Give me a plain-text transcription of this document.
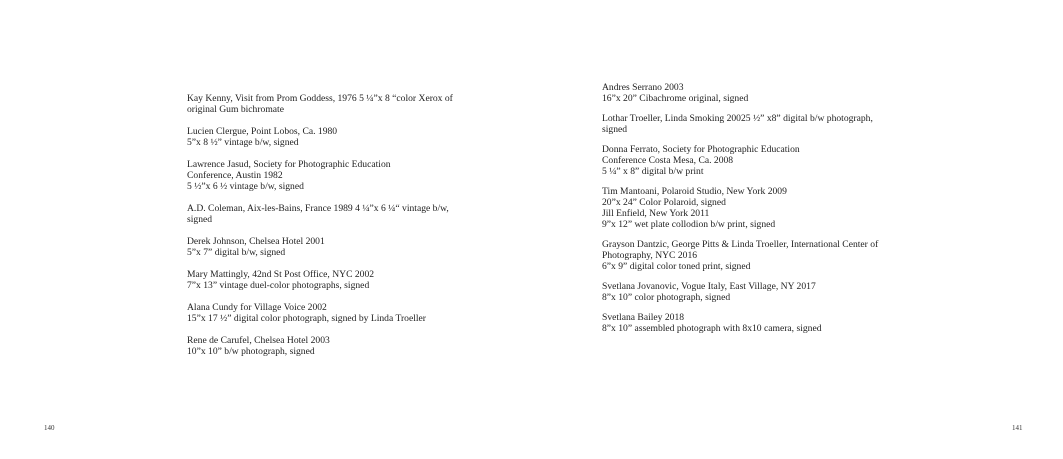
Kay Kenny, Visit from Prom Goddess, 1976 5 ¼”x 8 “color Xerox of
original Gum bichromate

Lucien Clergue, Point Lobos, Ca. 1980
5”x 8 ½” vintage b/w, signed

Lawrence Jasud, Society for Photographic Education
Conference, Austin 1982
5 ½”x 6 ½ vintage b/w, signed

A.D. Coleman, Aix-les-Bains, France 1989 4 ¼”x 6 ¼“ vintage b/w,
signed

Derek Johnson, Chelsea Hotel 2001
5”x 7” digital b/w, signed

Mary Mattingly, 42nd St Post Office, NYC 2002
7”x 13” vintage duel-color photographs, signed

Alana Cundy for Village Voice 2002
15”x 17 ½” digital color photograph, signed by Linda Troeller

Rene de Carufel, Chelsea Hotel 2003
10”x 10” b/w photograph, signed

140

Andres Serrano 2003
16”x 20” Cibachrome original, signed

Lothar Troeller, Linda Smoking 20025 ½” x8” digital b/w photograph,
signed

Donna Ferrato, Society for Photographic Education
Conference Costa Mesa, Ca. 2008
5 ¼” x 8” digital b/w print

Tim Mantoani, Polaroid Studio, New York 2009
20”x 24” Color Polaroid, signed
Jill Enfield, New York 2011
9”x 12” wet plate collodion b/w print, signed

Grayson Dantzic, George Pitts & Linda Troeller, International Center of
Photography, NYC 2016
6”x 9” digital color toned print, signed

Svetlana Jovanovic, Vogue Italy, East Village, NY 2017
8”x 10” color photograph, signed

Svetlana Bailey 2018
8”x 10” assembled photograph with 8x10 camera, signed

141
